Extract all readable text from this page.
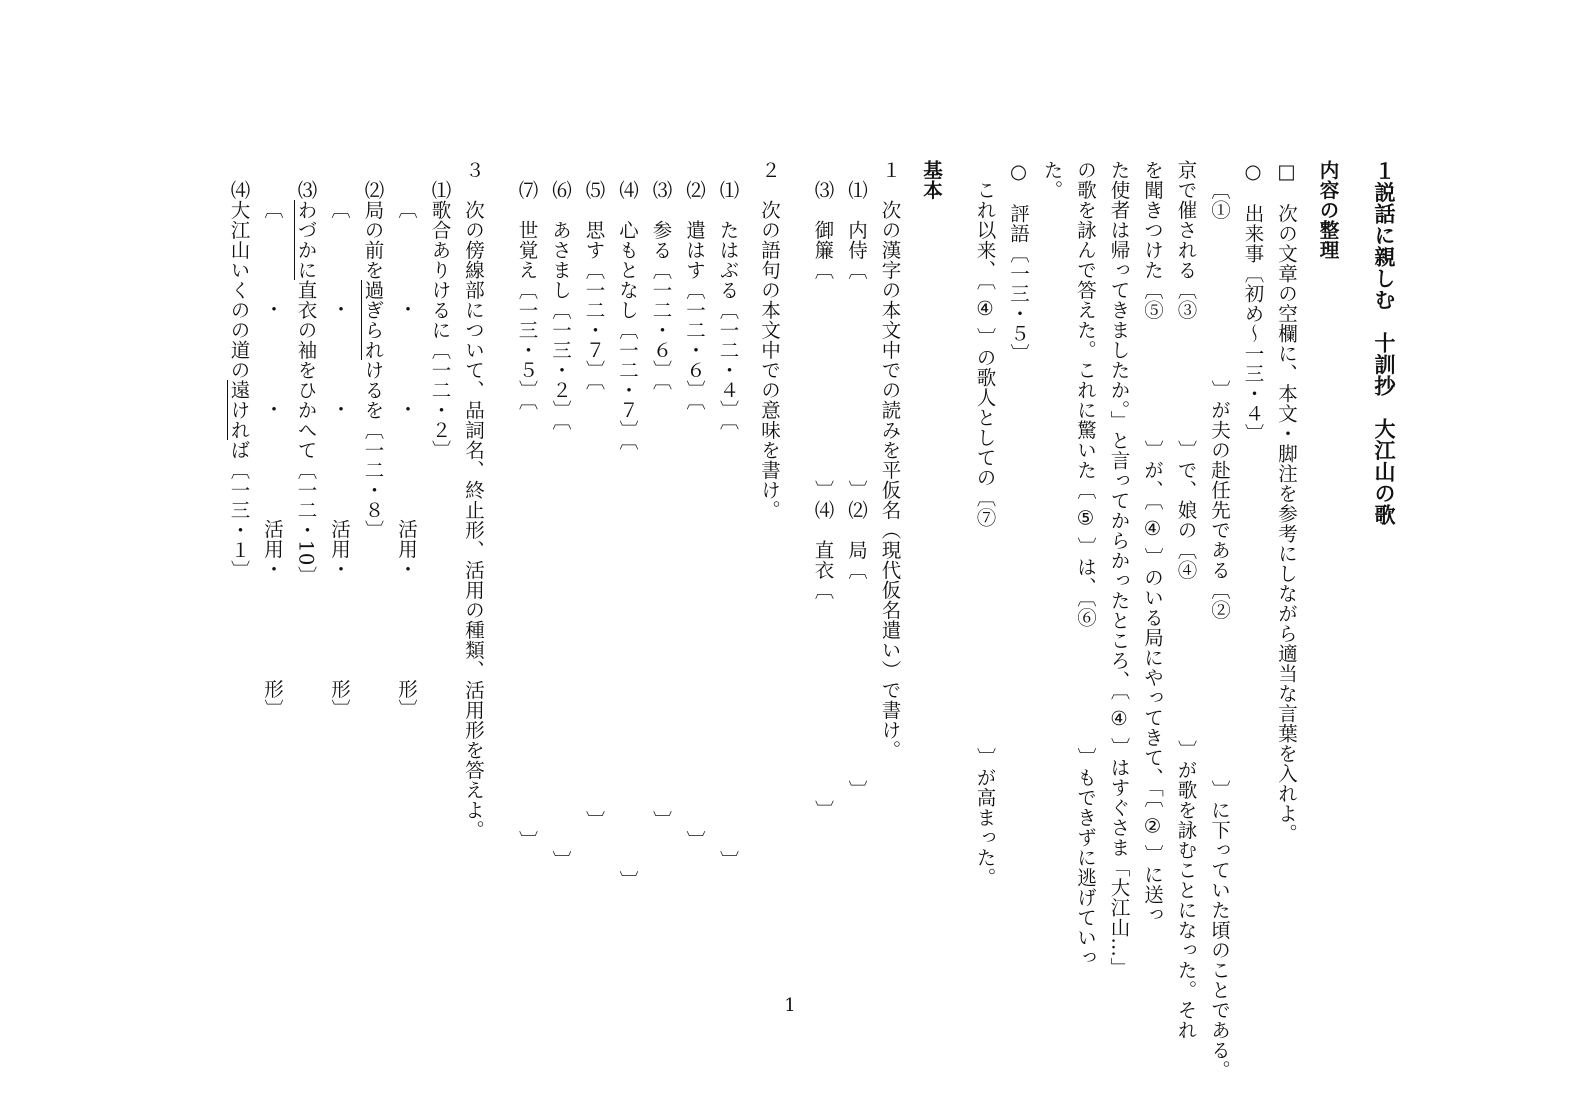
１説話に親しむ　十訓抄　大江山の歌
内容の整理
□　次の文章の空欄に、本文・脚注を参考にしながら適当な言葉を入れよ。
○　出来事〔初め〜一三・４〕
〔①　　　　　　　　〕が夫の赴任先である〔②　　　　　　　　〕に下っていた頃のことである。
京で催される〔③　　　　　　〕で、娘の〔④　　　　　　　　〕が歌を詠むことになった。それ
を聞きつけた〔⑤　　　　　　〕が、〔 ④ 〕のいる局にやってきて、「〔 ② 〕に送っ
た使者は帰ってきましたか。」と言ってからかったところ、〔 ④ 〕はすぐさま「大江山…」
の歌を詠んで答えた。これに驚いた〔 ⑤ 〕は、〔⑥　　　　　　〕もできずに逃げていっ
た。
○　評語〔一三・５〕
これ以来、〔 ④ 〕の歌人としての〔⑦　　　　　　　　　　　〕が高まった。
基本
１　次の漢字の本文中での読みを平仮名（現代仮名遣い）で書け。
⑴　内侍〔　　　　　　　　　　〕⑵　局〔　　　　　　　　　　〕
⑶　御簾〔　　　　　　　　　　〕⑷　直衣〔　　　　　　　　　　〕
２　次の語句の本文中での意味を書け。
⑴　たはぶる〔一二・４〕〔　　　　　　　　　　　　　　　　　　　　　〕
⑵　遣はす〔一二・６〕〔　　　　　　　　　　　　　　　　　　　　　〕
⑶　参る〔一二・６〕〔　　　　　　　　　　　　　　　　　　　　　〕
⑷　心もとなし〔一二・７〕〔　　　　　　　　　　　　　　　　　　　　　〕
⑸　思す〔一二・７〕〔　　　　　　　　　　　　　　　　　　　　　〕
⑹　あさまし〔一三・２〕〔　　　　　　　　　　　　　　　　　　　　　〕
⑺　世覚え〔一三・５〕〔　　　　　　　　　　　　　　　　　　　　　〕
３　次の傍線部について、品詞名、終止形、活用の種類、活用形を答えよ。
⑴歌合ありけるに〔一二・２〕
〔　　　　・　　　　・　　　　　活用・　　　　　形〕
⑵局の前を過ぎられけるを〔一二・８〕
〔　　　　・　　　　・　　　　　活用・　　　　　形〕
⑶わづかに直衣の袖をひかへて〔一二・10〕
〔　　　　・　　　　・　　　　　活用・　　　　　形〕
⑷大江山いくのの道の遠ければ〔一三・１〕
1
